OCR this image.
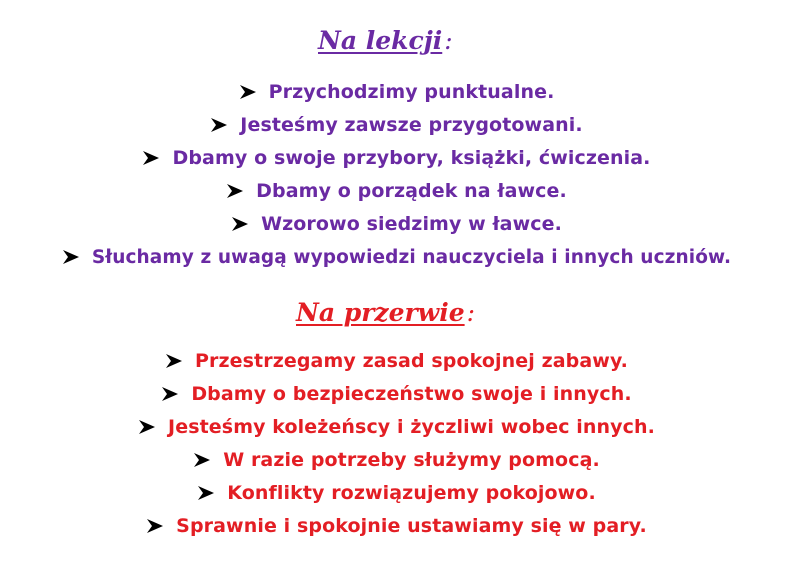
Na lekcji:
Przychodzimy punktualne.
Jesteśmy zawsze przygotowani.
Dbamy o swoje przybory, książki, ćwiczenia.
Dbamy o porządek na ławce.
Wzorowo siedzimy w ławce.
Słuchamy z uwagą wypowiedzi nauczyciela i innych uczniów.
Na przerwie:
Przestrzegamy zasad spokojnej zabawy.
Dbamy o bezpieczeństwo swoje i innych.
Jesteśmy koleżeńscy i życzliwi wobec innych.
W razie potrzeby służymy pomocą.
Konflikty rozwiązujemy pokojowo.
Sprawnie i spokojnie ustawiamy się w pary.
